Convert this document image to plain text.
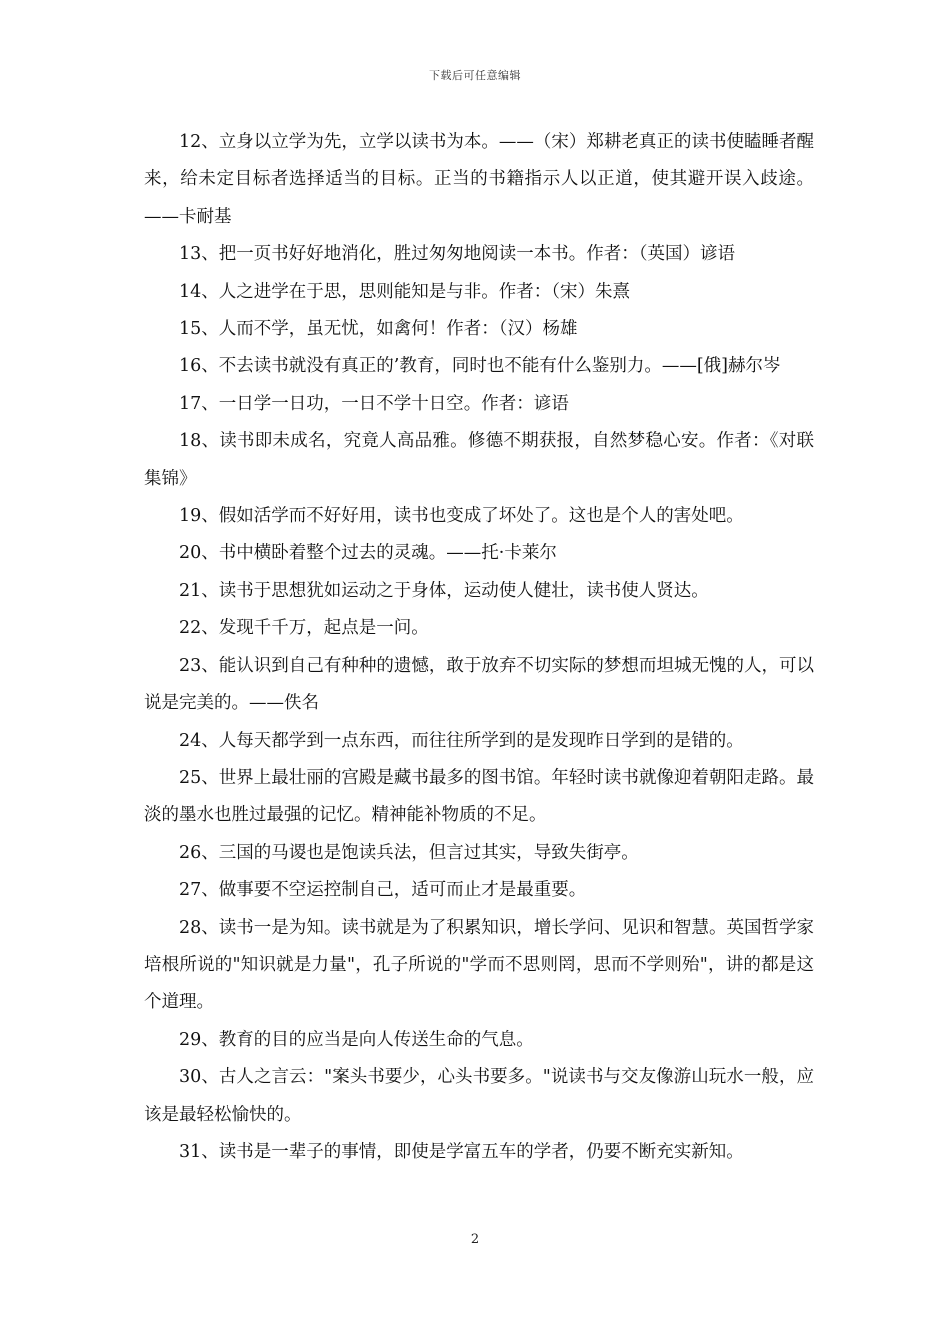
下载后可任意编辑

12、立身以立学为先，立学以读书为本。——（宋）郑耕老真正的读书使瞌睡者醒来，给未定目标者选择适当的目标。正当的书籍指示人以正道，使其避开误入歧途。——卡耐基

13、把一页书好好地消化，胜过匆匆地阅读一本书。作者：（英国）谚语

14、人之进学在于思，思则能知是与非。作者：（宋）朱熹

15、人而不学，虽无忧，如禽何！作者：（汉）杨雄

16、不去读书就没有真正的’教育，同时也不能有什么鉴别力。——[俄]赫尔岑

17、一日学一日功，一日不学十日空。作者：谚语

18、读书即未成名，究竟人高品雅。修德不期获报，自然梦稳心安。作者：《对联集锦》

19、假如活学而不好好用，读书也变成了坏处了。这也是个人的害处吧。

20、书中横卧着整个过去的灵魂。——托·卡莱尔

21、读书于思想犹如运动之于身体，运动使人健壮，读书使人贤达。

22、发现千千万，起点是一问。

23、能认识到自己有种种的遗憾，敢于放弃不切实际的梦想而坦城无愧的人，可以说是完美的。——佚名

24、人每天都学到一点东西，而往往所学到的是发现昨日学到的是错的。

25、世界上最壮丽的宫殿是藏书最多的图书馆。年轻时读书就像迎着朝阳走路。最淡的墨水也胜过最强的记忆。精神能补物质的不足。

26、三国的马谡也是饱读兵法，但言过其实，导致失街亭。

27、做事要不空运控制自己，适可而止才是最重要。

28、读书一是为知。读书就是为了积累知识，增长学问、见识和智慧。英国哲学家培根所说的"知识就是力量"，孔子所说的"学而不思则罔，思而不学则殆"，讲的都是这个道理。

29、教育的目的应当是向人传送生命的气息。

30、古人之言云："案头书要少，心头书要多。"说读书与交友像游山玩水一般，应该是最轻松愉快的。

31、读书是一辈子的事情，即使是学富五车的学者，仍要不断充实新知。

2
